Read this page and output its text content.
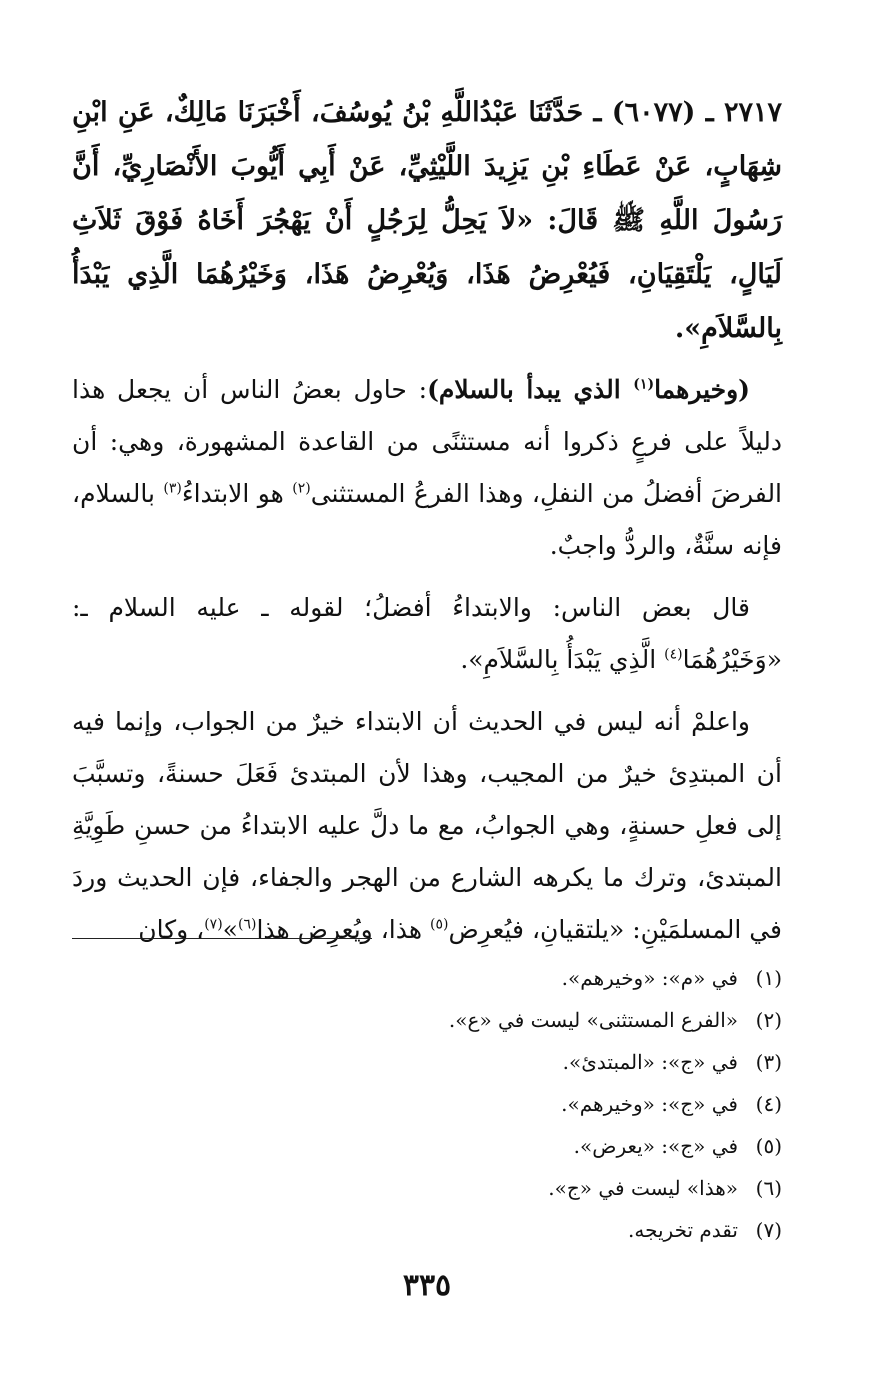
٢٧١٧ ـ (٦٠٧٧) ـ حَدَّثَنَا عَبْدُاللَّهِ بْنُ يُوسُفَ، أَخْبَرَنَا مَالِكٌ، عَنِ ابْنِ شِهَابٍ، عَنْ عَطَاءِ بْنِ يَزِيدَ اللَّيْثِيِّ، عَنْ أَبِي أَيُّوبَ الأَنْصَارِيِّ، أَنَّ رَسُولَ اللَّهِ ﷺ قَالَ: «لاَ يَحِلُّ لِرَجُلٍ أَنْ يَهْجُرَ أَخَاهُ فَوْقَ ثَلاَثِ لَيَالٍ، يَلْتَقِيَانِ، فَيُعْرِضُ هَذَا، وَيُعْرِضُ هَذَا، وَخَيْرُهُمَا الَّذِي يَبْدَأُ بِالسَّلاَمِ».

(وخيرهما$^{(١)}$ الذي يبدأ بالسلام): حاول بعضُ الناس أن يجعل هذا دليلاً على فرعٍ ذكروا أنه مستثنًى من القاعدة المشهورة، وهي: أن الفرضَ أفضلُ من النفلِ، وهذا الفرعُ المستثنى$^{(٢)}$ هو الابتداءُ$^{(٣)}$ بالسلام، فإنه سنَّةٌ، والردُّ واجبٌ.

قال بعض الناس: والابتداءُ أفضلُ؛ لقوله ـ عليه السلام ـ: «وَخَيْرُهُمَا$^{(٤)}$ الَّذِي يَبْدَأُ بِالسَّلاَمِ».

واعلمْ أنه ليس في الحديث أن الابتداء خيرٌ من الجواب، وإنما فيه أن المبتدِئ خيرٌ من المجيب، وهذا لأن المبتدئ فَعَلَ حسنةً، وتسبَّبَ إلى فعلِ حسنةٍ، وهي الجوابُ، مع ما دلَّ عليه الابتداءُ من حسنِ طَوِيَّةِ المبتدئ، وترك ما يكرهه الشارع من الهجر والجفاء، فإن الحديث وردَ في المسلمَيْنِ: «يلتقيانِ، فيُعرِض$^{(٥)}$ هذا، ويُعرِض هذا$^{(٦)}$»$^{(٧)}$، وكان

(١)
في «م»: «وخيرهم».
(٢)
«الفرع المستثنى» ليست في «ع».
(٣)
في «ج»: «المبتدئ».
(٤)
في «ج»: «وخيرهم».
(٥)
في «ج»: «يعرض».
(٦)
«هذا» ليست في «ج».
(٧)
تقدم تخريجه.
٣٣٥
